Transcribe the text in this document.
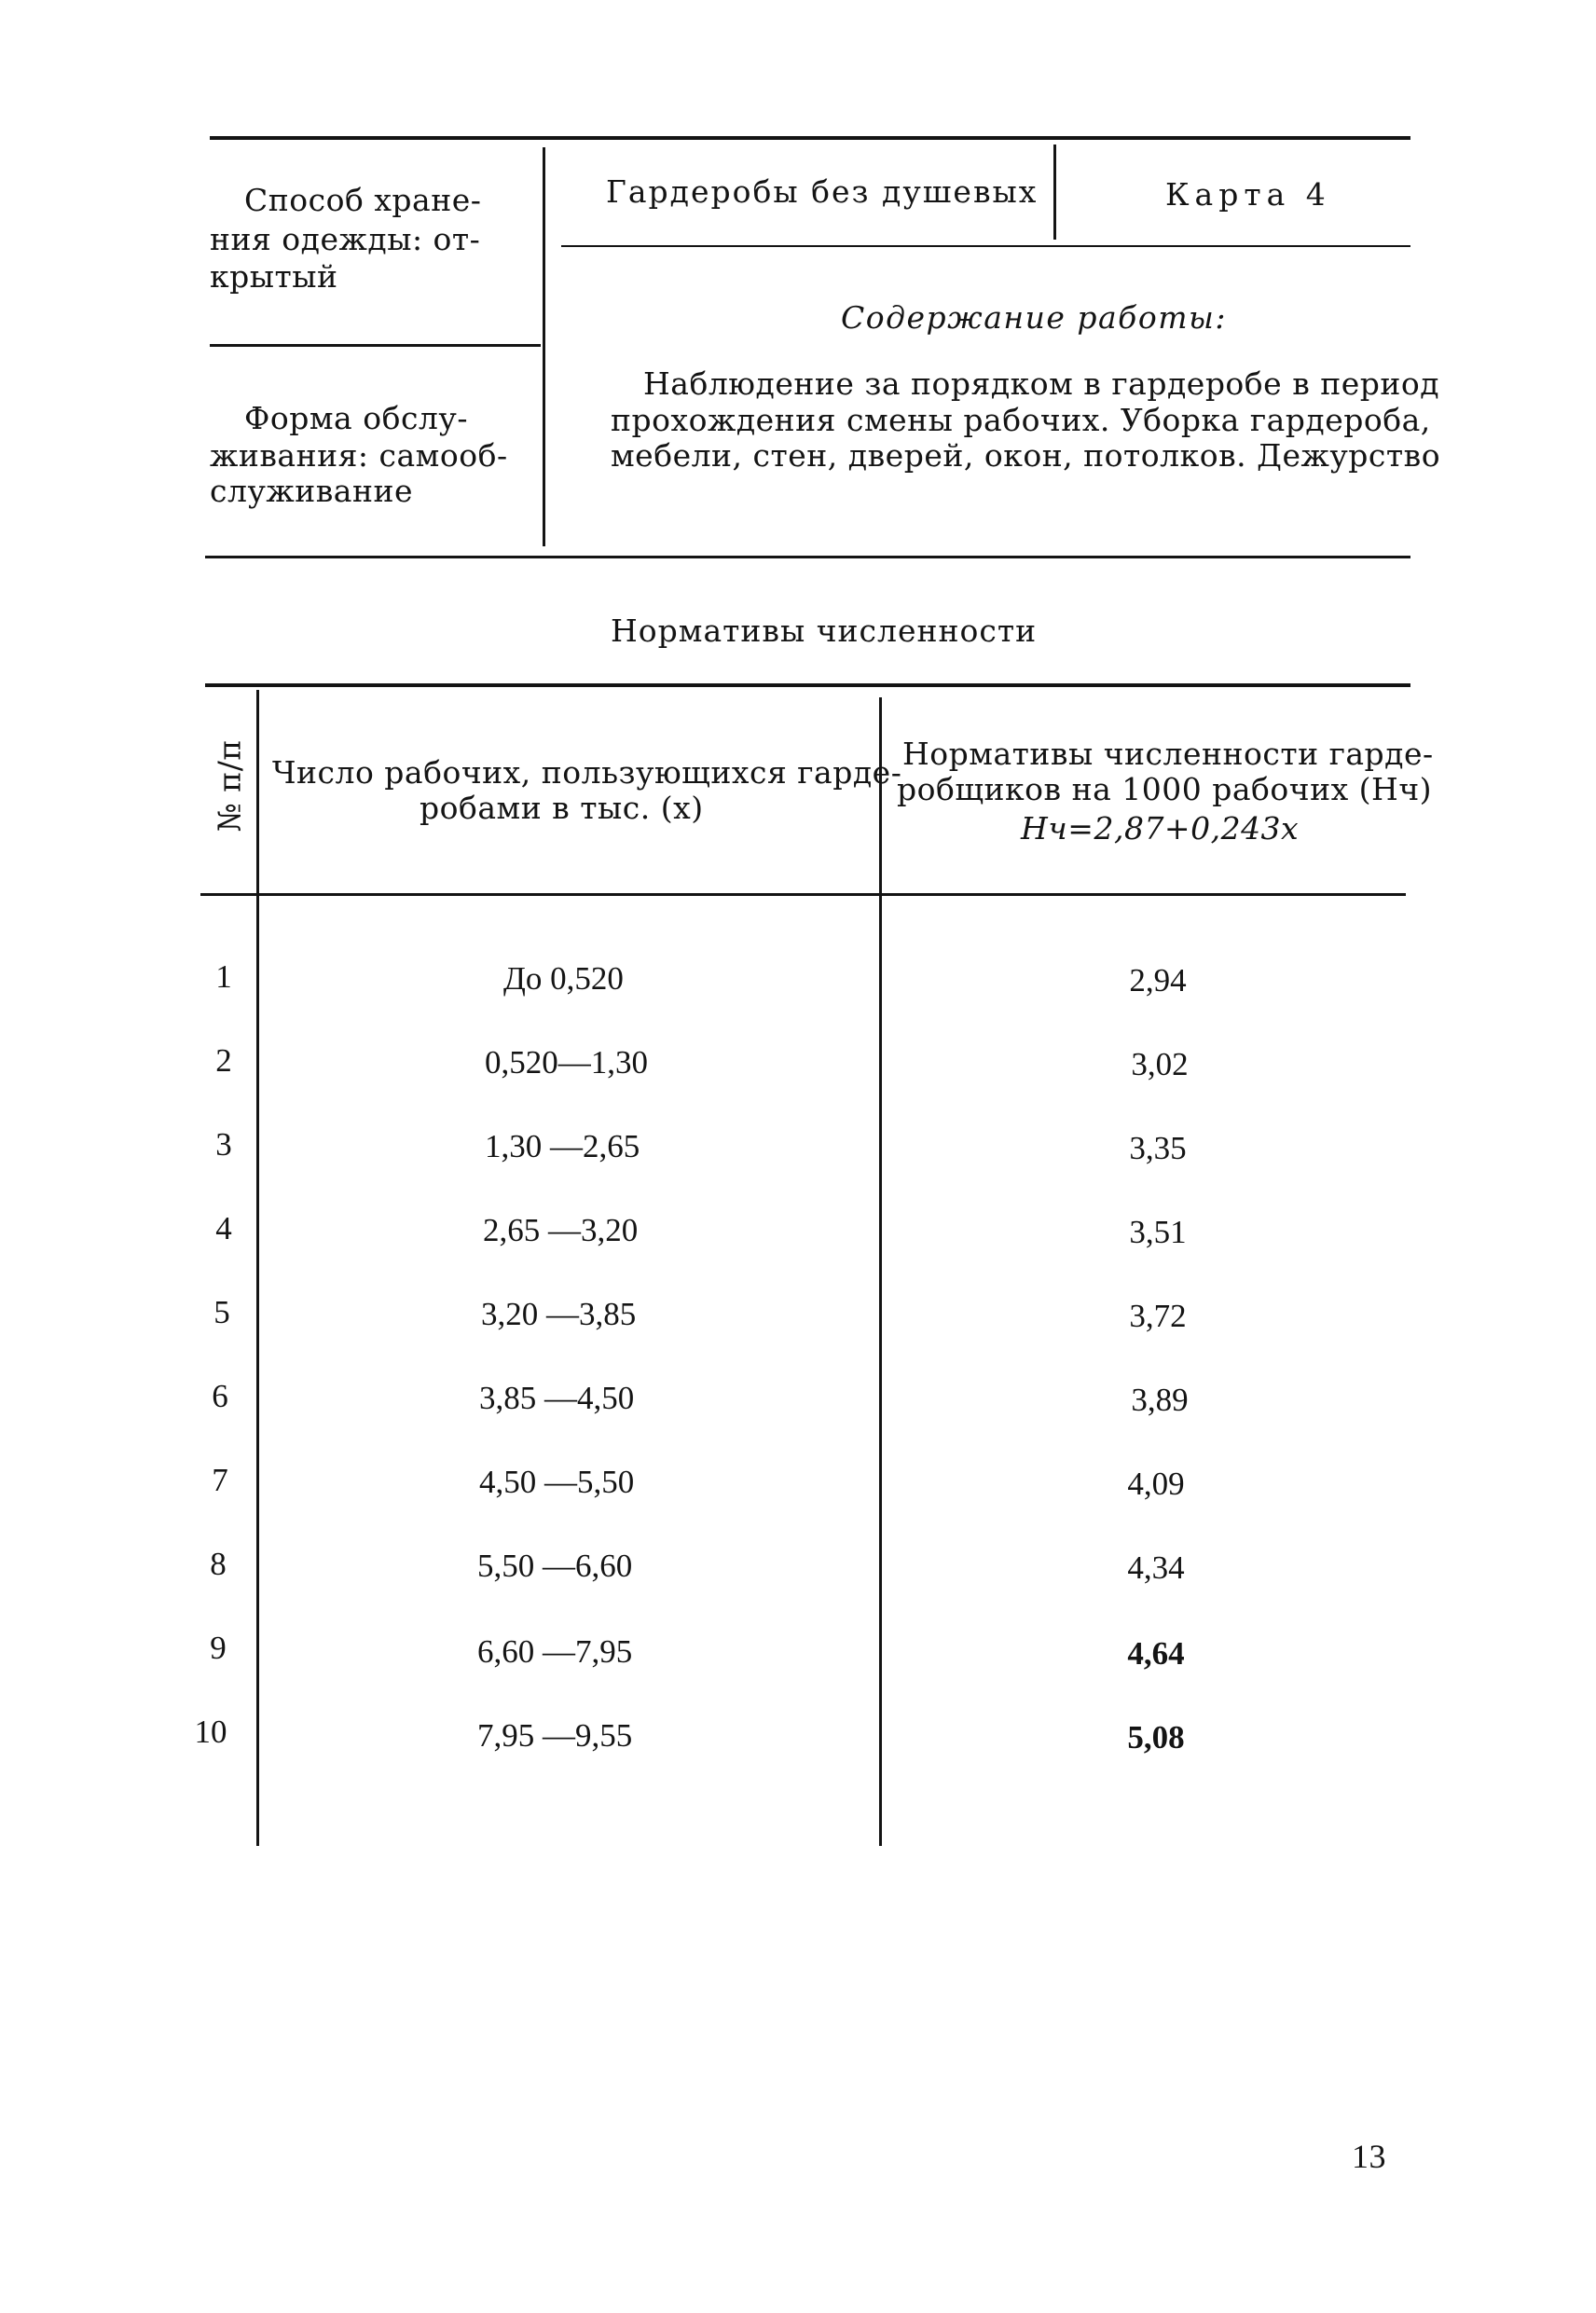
Способ хране-
ния одежды: от-
крытый
Форма обслу-
живания: самооб-
служивание
Гардеробы без душевых	Карта 4
Содержание работы:
Наблюдение за порядком в гардеробе в период
прохождения смены рабочих. Уборка гардероба,
мебели, стен, дверей, окон, потолков. Дежурство
Нормативы численности
№ п/п Число рабочих, пользующихся гарде-
робами в тыс. (x)
Нормативы численности гарде-
робщиков на 1000 рабочих (Нч)
Нч=2,87+0,243x
1	До 0,520	2,94
2	0,520—1,30	3,02
3	1,30 —2,65	3,35
4	2,65 —3,20	3,51
5	3,20 —3,85	3,72
6	3,85 —4,50	3,89
7	4,50 —5,50	4,09
8	5,50 —6,60	4,34
9	6,60 —7,95	4,64
10	7,95 —9,55	5,08
13
